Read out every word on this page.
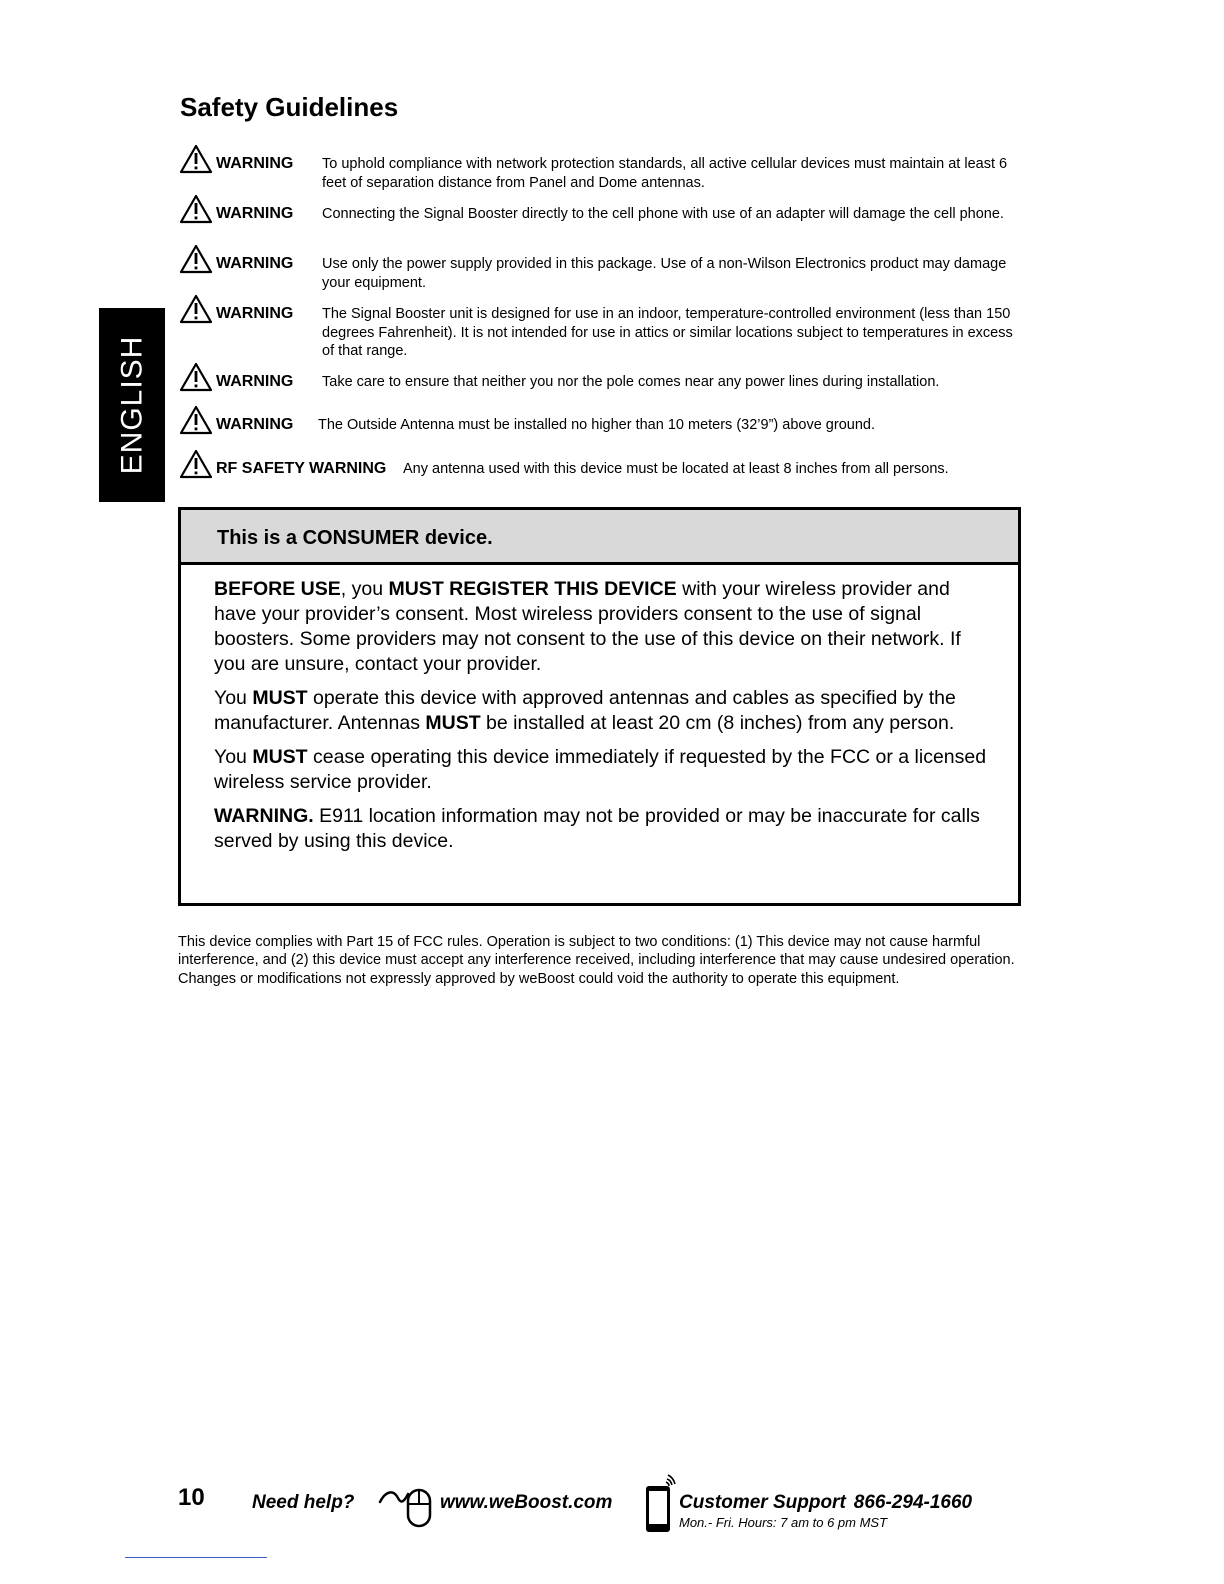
ENGLISH
Safety Guidelines
WARNING To uphold compliance with network protection standards, all active cellular devices must maintain at least 6 feet of separation distance from Panel and Dome antennas.
WARNING Connecting the Signal Booster directly to the cell phone with use of an adapter will damage the cell phone.
WARNING Use only the power supply provided in this package. Use of a non-Wilson Electronics product may damage your equipment.
WARNING The Signal Booster unit is designed for use in an indoor, temperature-controlled environment (less than 150 degrees Fahrenheit). It is not intended for use in attics or similar locations subject to temperatures in excess of that range.
WARNING Take care to ensure that neither you nor the pole comes near any power lines during installation.
WARNING The Outside Antenna must be installed no higher than 10 meters (32’9”) above ground.
RF SAFETY WARNING Any antenna used with this device must be located at least 8 inches from all persons.
This is a CONSUMER device.

BEFORE USE, you MUST REGISTER THIS DEVICE with your wireless provider and have your provider’s consent. Most wireless providers consent to the use of signal boosters. Some providers may not consent to the use of this device on their network. If you are unsure, contact your provider.

You MUST operate this device with approved antennas and cables as specified by the manufacturer. Antennas MUST be installed at least 20 cm (8 inches) from any person.

You MUST cease operating this device immediately if requested by the FCC or a licensed wireless service provider.

WARNING. E911 location information may not be provided or may be inaccurate for calls served by using this device.

This device complies with Part 15 of FCC rules. Operation is subject to two conditions: (1) This device may not cause harmful interference, and (2) this device must accept any interference received, including interference that may cause undesired operation. Changes or modifications not expressly approved by weBoost could void the authority to operate this equipment.

10 Need help?	www.weBoost.com	Customer Support 866-294-1660
Mon.- Fri. Hours: 7 am to 6 pm MST
